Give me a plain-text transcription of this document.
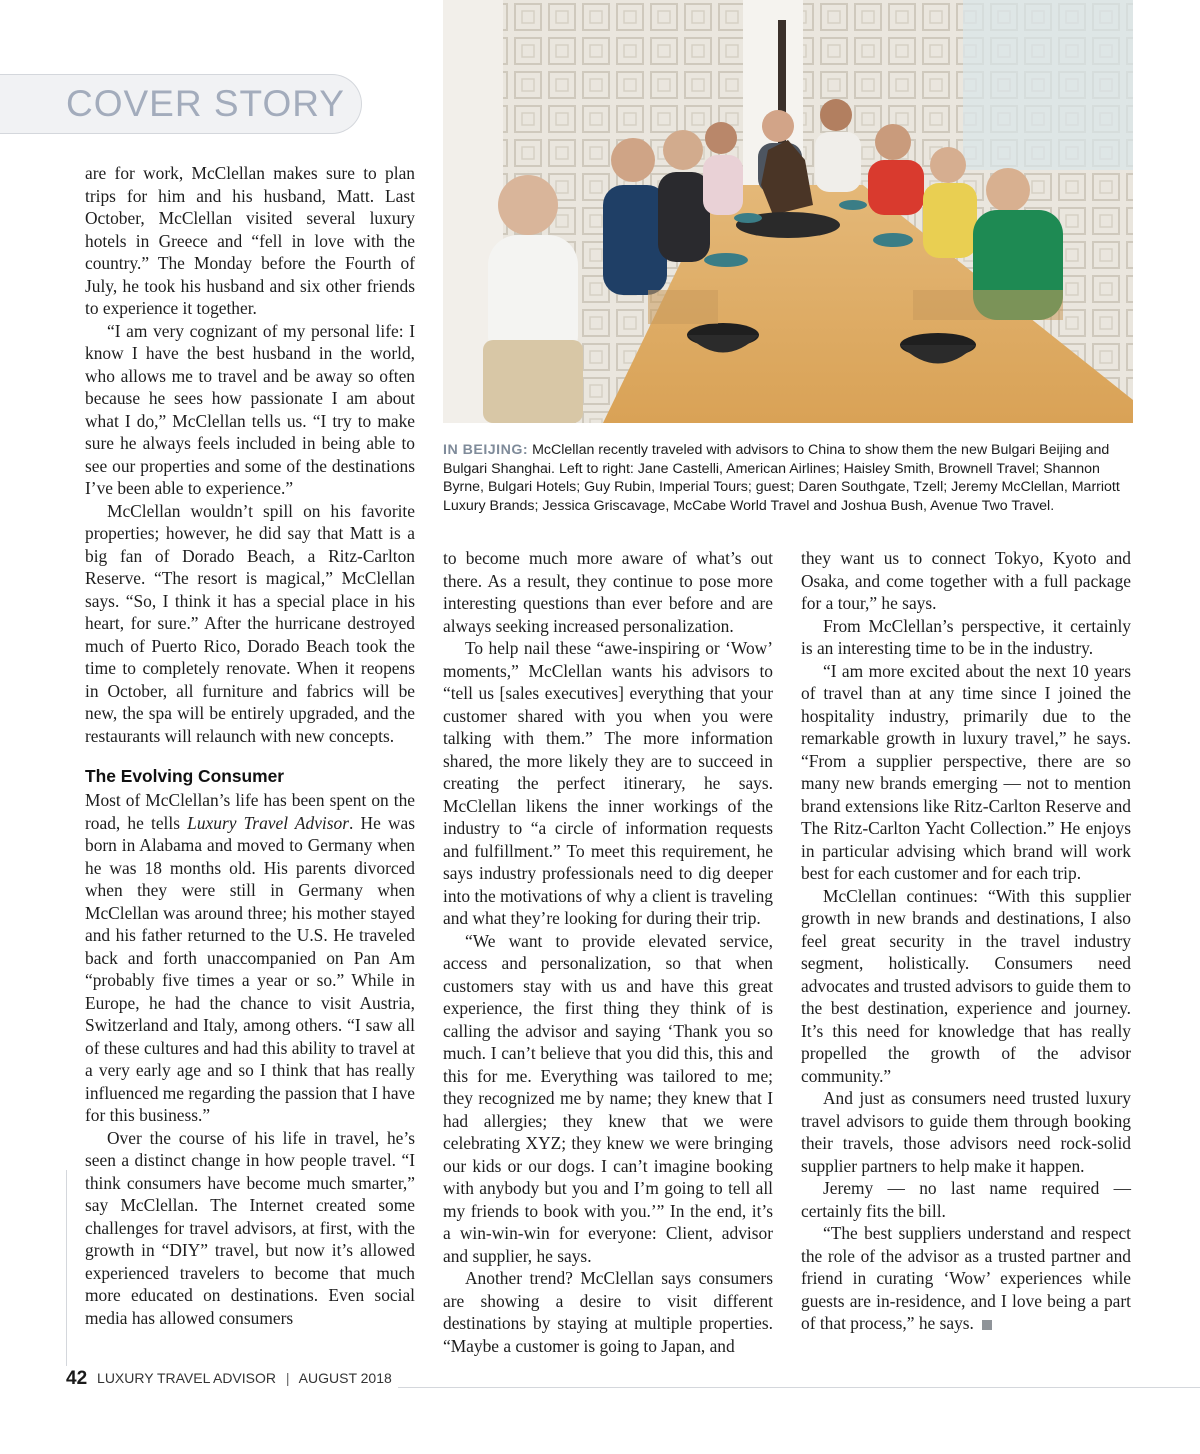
COVER STORY

IN BEIJING: McClellan recently traveled with advisors to China to show them the new Bulgari Beijing and Bulgari Shanghai. Left to right: Jane Castelli, American Airlines; Haisley Smith, Brownell Travel; Shannon Byrne, Bulgari Hotels; Guy Rubin, Imperial Tours; guest; Daren Southgate, Tzell; Jeremy McClellan, Marriott Luxury Brands; Jessica Griscavage, McCabe World Travel and Joshua Bush, Avenue Two Travel.

are for work, McClellan makes sure to plan trips for him and his husband, Matt. Last October, McClellan visited several luxury hotels in Greece and “fell in love with the country.” The Monday before the Fourth of July, he took his husband and six other friends to experience it together.

“I am very cognizant of my personal life: I know I have the best husband in the world, who allows me to travel and be away so often because he sees how passionate I am about what I do,” McClellan tells us. “I try to make sure he always feels included in being able to see our properties and some of the destinations I’ve been able to experience.”

McClellan wouldn’t spill on his favorite properties; however, he did say that Matt is a big fan of Dorado Beach, a Ritz-Carlton Reserve. “The resort is magical,” McClellan says. “So, I think it has a special place in his heart, for sure.” After the hurricane destroyed much of Puerto Rico, Dorado Beach took the time to completely renovate. When it reopens in October, all furniture and fabrics will be new, the spa will be entirely upgraded, and the restaurants will relaunch with new concepts.

The Evolving Consumer

Most of McClellan’s life has been spent on the road, he tells Luxury Travel Advisor. He was born in Alabama and moved to Germany when he was 18 months old. His parents divorced when they were still in Germany when McClellan was around three; his mother stayed and his father returned to the U.S. He traveled back and forth unaccompanied on Pan Am “probably five times a year or so.” While in Europe, he had the chance to visit Austria, Switzerland and Italy, among others. “I saw all of these cultures and had this ability to travel at a very early age and so I think that has really influenced me regarding the passion that I have for this business.”

Over the course of his life in travel, he’s seen a distinct change in how people travel. “I think consumers have become much smarter,” say McClellan. The Internet created some challenges for travel advisors, at first, with the growth in “DIY” travel, but now it’s allowed experienced travelers to become that much more educated on destinations. Even social media has allowed consumers

to become much more aware of what’s out there. As a result, they continue to pose more interesting questions than ever before and are always seeking increased personalization.

To help nail these “awe-inspiring or ‘Wow’ moments,” McClellan wants his advisors to “tell us [sales executives] everything that your customer shared with you when you were talking with them.” The more information shared, the more likely they are to succeed in creating the perfect itinerary, he says. McClellan likens the inner workings of the industry to “a circle of information requests and fulfillment.” To meet this requirement, he says industry professionals need to dig deeper into the motivations of why a client is traveling and what they’re looking for during their trip.

“We want to provide elevated service, access and personalization, so that when customers stay with us and have this great experience, the first thing they think of is calling the advisor and saying ‘Thank you so much. I can’t believe that you did this, this and this for me. Everything was tailored to me; they recognized me by name; they knew that I had allergies; they knew that we were celebrating XYZ; they knew we were bringing our kids or our dogs. I can’t imagine booking with anybody but you and I’m going to tell all my friends to book with you.’” In the end, it’s a win-win-win for everyone: Client, advisor and supplier, he says.

Another trend? McClellan says consumers are showing a desire to visit different destinations by staying at multiple properties. “Maybe a customer is going to Japan, and

they want us to connect Tokyo, Kyoto and Osaka, and come together with a full package for a tour,” he says.

From McClellan’s perspective, it certainly is an interesting time to be in the industry.

“I am more excited about the next 10 years of travel than at any time since I joined the hospitality industry, primarily due to the remarkable growth in luxury travel,” he says. “From a supplier perspective, there are so many new brands emerging — not to mention brand extensions like Ritz-Carlton Reserve and The Ritz-Carlton Yacht Collection.” He enjoys in particular advising which brand will work best for each customer and for each trip.

McClellan continues: “With this supplier growth in new brands and destinations, I also feel great security in the travel industry segment, holistically. Consumers need advocates and trusted advisors to guide them to the best destination, experience and journey. It’s this need for knowledge that has really propelled the growth of the advisor community.”

And just as consumers need trusted luxury travel advisors to guide them through booking their travels, those advisors need rock-solid supplier partners to help make it happen.

Jeremy — no last name required — certainly fits the bill.

“The best suppliers understand and respect the role of the advisor as a trusted partner and friend in curating ‘Wow’ experiences while guests are in-residence, and I love being a part of that process,” he says.

42 LUXURY TRAVEL ADVISOR | AUGUST 2018
